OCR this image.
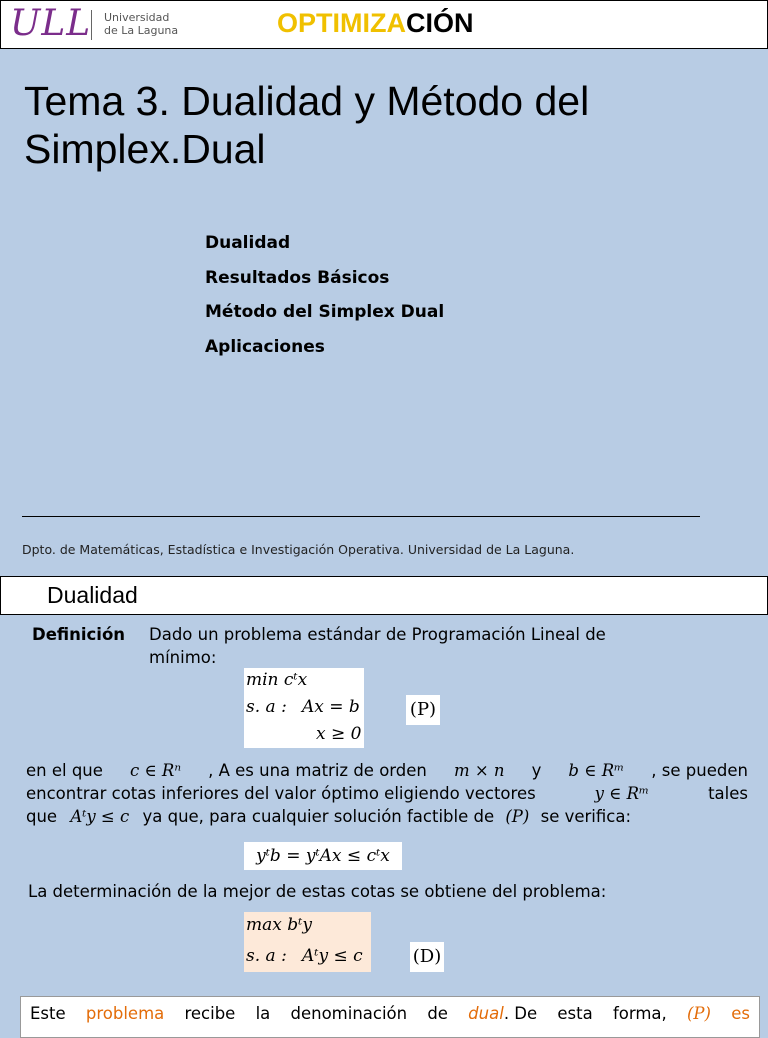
ULL Universidad
de La Laguna	OPTIMIZACIÓN
Tema 3. Dualidad y Método del
Simplex.Dual
Dualidad
Resultados Básicos
Método del Simplex Dual
Aplicaciones
Dpto. de Matemáticas, Estadística e Investigación Operativa. Universidad de La Laguna.
Dualidad
Definición Dado un problema estándar de Programación Lineal de
mínimo:
min cᵗx
s. a : Ax = b
x ≥ 0
(P)
en el que c ∈ Rⁿ , A es una matriz de orden m × n y b ∈ Rᵐ , se pueden
encontrar cotas inferiores del valor óptimo eligiendo vectores	y ∈ Rᵐ	tales
que Aᵗy ≤ c ya que, para cualquier solución factible de (P) se verifica:
yᵗb = yᵗAx ≤ cᵗx
La determinación de la mejor de estas cotas se obtiene del problema:
max bᵗy
s. a : Aᵗy ≤ c	(D)
Este problema recibe la denominación de dual. De esta forma, (P) es
